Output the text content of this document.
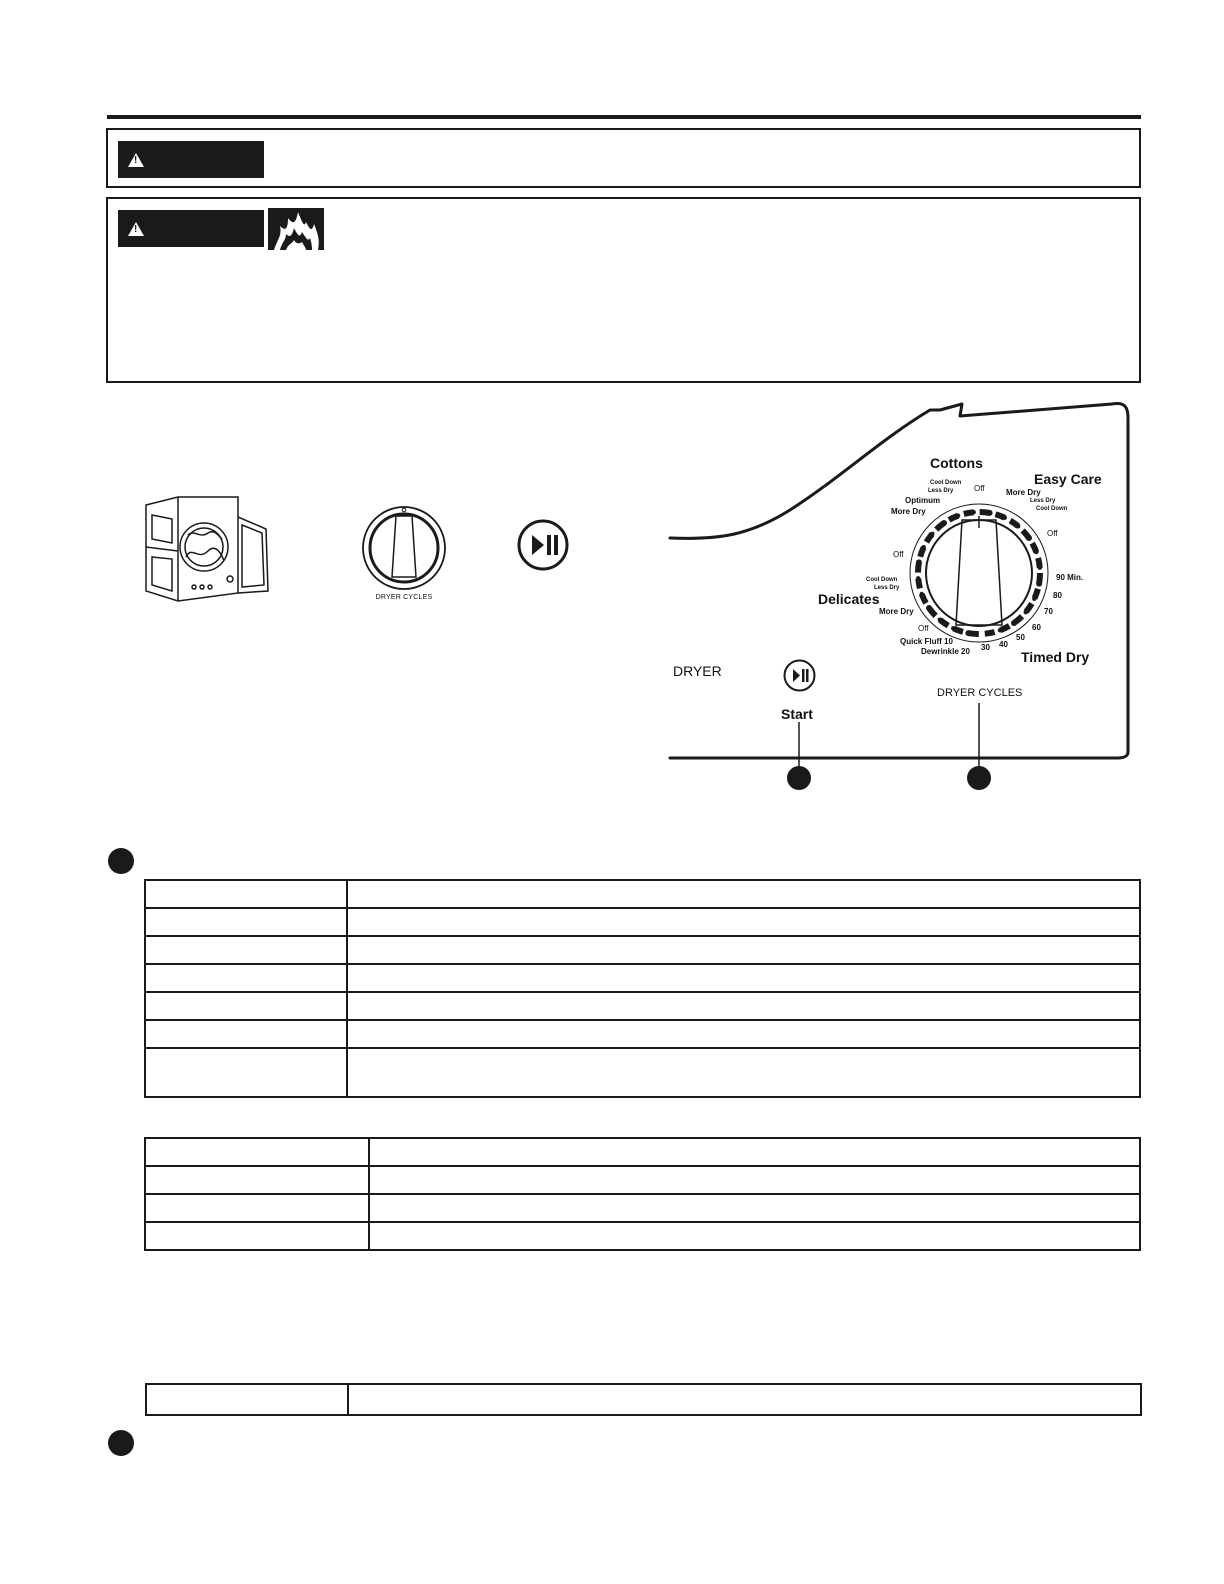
!
!
DRYER CYCLES
DRYER
Start
DRYER CYCLES
Cottons
Easy Care
Delicates
Timed Dry
Cool Down
Less Dry
Optimum
More Dry
Off	More Dry
Less Dry
Cool Down
Off
Off
Cool Down
Less Dry
More Dry
Off
Quick Fluff 10
Dewrinkle 20 30 40
50
60
70
80
90 Min.
